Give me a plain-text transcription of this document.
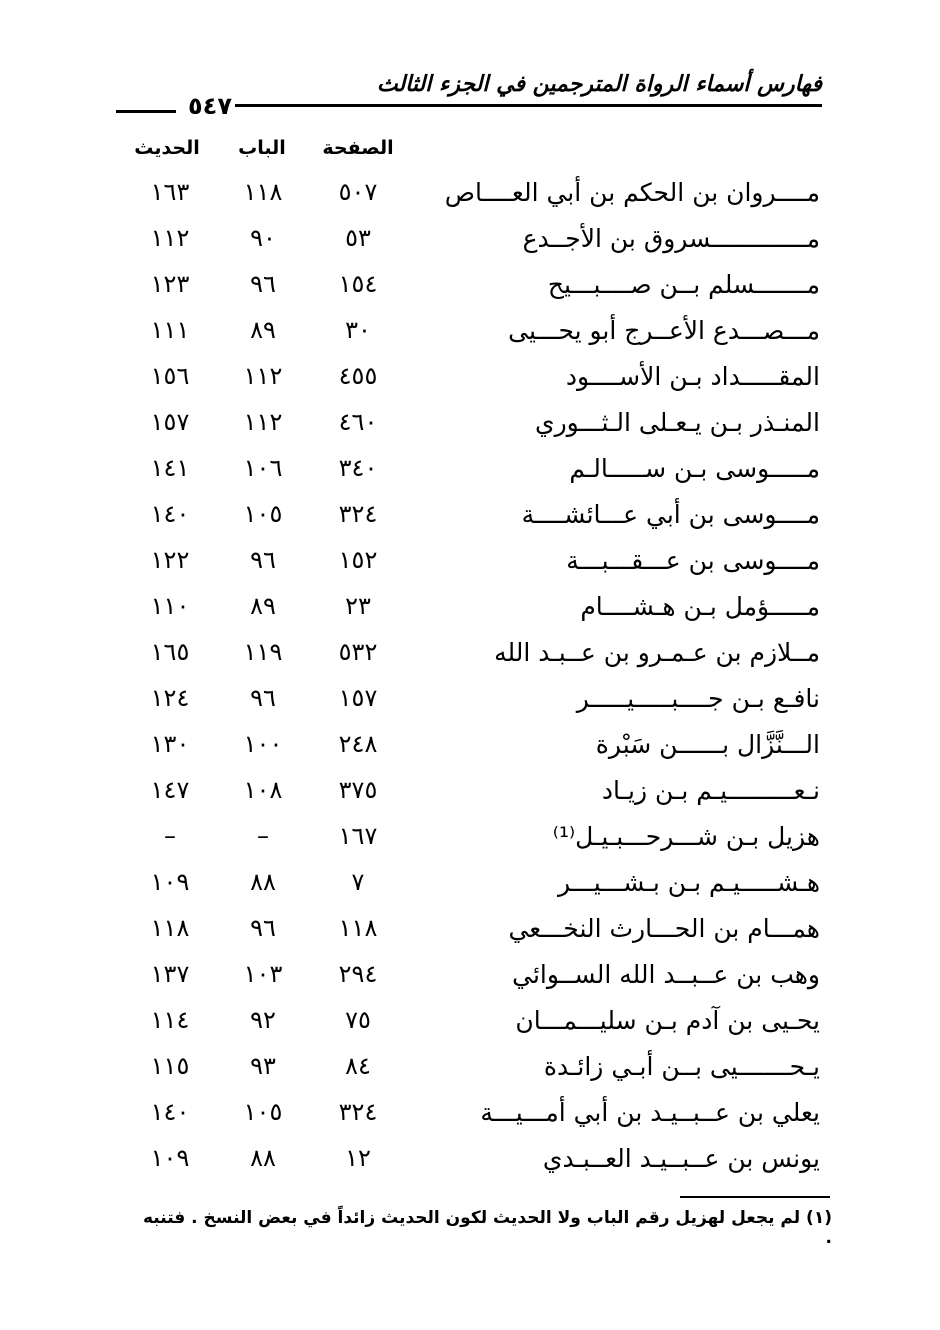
فهارس أسماء الرواة المترجمين في الجزء الثالث
٥٤٧
الصفحة
الباب
الحديث
مــــروان بن الحكم بن أبي العــــاص
٥٠٧
١١٨
١٦٣
مـــــــــــــسروق بن الأجــدع
٥٣
٩٠
١١٢
مـــــــسلم بــن صــــبـــيح
١٥٤
٩٦
١٢٣
مـــصـــدع الأعــرج أبو يحـــيى
٣٠
٨٩
١١١
المقـــــداد بـن الأســــود
٤٥٥
١١٢
١٥٦
المنـذر بـن يـعـلى الـثـــوري
٤٦٠
١١٢
١٥٧
مـــــوسى بـن ســـــالـم
٣٤٠
١٠٦
١٤١
مــــوسى بن أبي عـــائشــــة
٣٢٤
١٠٥
١٤٠
مــــوسى بن عـــقـــبـــة
١٥٢
٩٦
١٢٢
مـــــؤمل بـن هـشــــام
٢٣
٨٩
١١٠
مــلازم بن عـمـرو بن عــبـد الله
٥٣٢
١١٩
١٦٥
نافـع بـن جــــبـــــيـــــر
١٥٧
٩٦
١٢٤
الـــنَّزَّال بــــــن سَبْرة
٢٤٨
١٠٠
١٣٠
نـعـــــــــيـم بـن زيـاد
٣٧٥
١٠٨
١٤٧
هزيل بـن شـــرحـــبـيـل⁽¹⁾
١٦٧
–
–
هـشـــــيـم بـن بـشـــيـــر
٧
٨٨
١٠٩
همـــام بن الحـــارث النخـــعي
١١٨
٩٦
١١٨
وهب بن عــبــد الله الســوائي
٢٩٤
١٠٣
١٣٧
يحـيى بن آدم بـن سليـــمـــان
٧٥
٩٢
١١٤
يـحـــــــيى بــن أبـي زائـدة
٨٤
٩٣
١١٥
يعلي بن عــبــيـد بن أبي أمـــيـــة
٣٢٤
١٠٥
١٤٠
يونس بن عــبــيـد العــبـدي
١٢
٨٨
١٠٩
(١) لم يجعل لهزيل رقم الباب ولا الحديث لكون الحديث زائداً في بعض النسخ . فتنبه .
